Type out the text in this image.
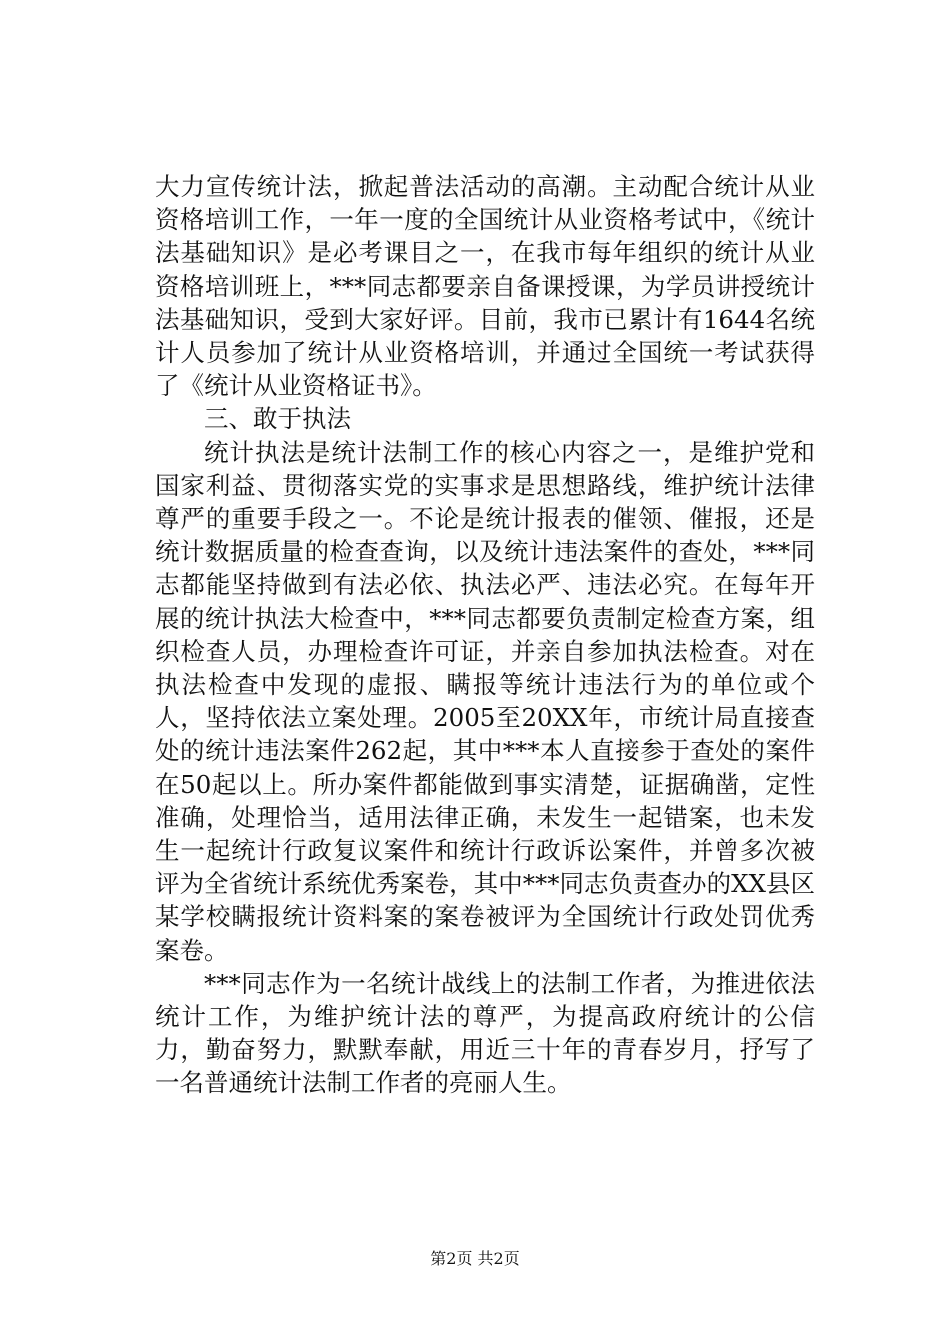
大力宣传统计法，掀起普法活动的高潮。主动配合统计从业资格培训工作，一年一度的全国统计从业资格考试中，《统计法基础知识》是必考课目之一，在我市每年组织的统计从业资格培训班上，***同志都要亲自备课授课，为学员讲授统计法基础知识，受到大家好评。目前，我市已累计有1644名统计人员参加了统计从业资格培训，并通过全国统一考试获得了《统计从业资格证书》。

三、敢于执法

统计执法是统计法制工作的核心内容之一，是维护党和国家利益、贯彻落实党的实事求是思想路线，维护统计法律尊严的重要手段之一。不论是统计报表的催领、催报，还是统计数据质量的检查查询，以及统计违法案件的查处，***同志都能坚持做到有法必依、执法必严、违法必究。在每年开展的统计执法大检查中，***同志都要负责制定检查方案，组织检查人员，办理检查许可证，并亲自参加执法检查。对在执法检查中发现的虚报、瞒报等统计违法行为的单位或个人，坚持依法立案处理。2005至20XX年，市统计局直接查处的统计违法案件262起，其中***本人直接参于查处的案件在50起以上。所办案件都能做到事实清楚，证据确凿，定性准确，处理恰当，适用法律正确，未发生一起错案，也未发生一起统计行政复议案件和统计行政诉讼案件，并曾多次被评为全省统计系统优秀案卷，其中***同志负责查办的XX县区某学校瞒报统计资料案的案卷被评为全国统计行政处罚优秀案卷。

***同志作为一名统计战线上的法制工作者，为推进依法统计工作，为维护统计法的尊严，为提高政府统计的公信力，勤奋努力，默默奉献，用近三十年的青春岁月，抒写了一名普通统计法制工作者的亮丽人生。

第2页 共2页
